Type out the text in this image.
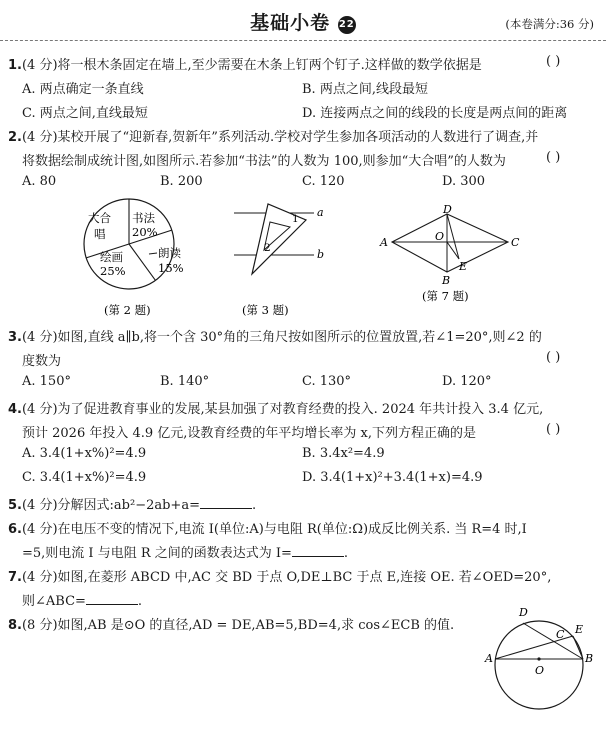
基础小卷 22	(本卷满分:36 分)
1.(4 分)将一根木条固定在墙上,至少需要在木条上钉两个钉子.这样做的数学依据是	( )
A. 两点确定一条直线	B. 两点之间,线段最短
C. 两点之间,直线最短	D. 连接两点之间的线段的长度是两点间的距离
2.(4 分)某校开展了“迎新春,贺新年”系列活动.学校对学生参加各项活动的人数进行了调查,并
将数据绘制成统计图,如图所示.若参加“书法”的人数为 100,则参加“大合唱”的人数为	( )
A. 80	B. 200	C. 120	D. 300
大合
唱
书法
20%
绘画
25%
朗读
15%
(第 2 题)
1
2
a
b
(第 3 题)
A
B
C
D
O
E
(第 7 题)
3.(4 分)如图,直线 a∥b,将一个含 30°角的三角尺按如图所示的位置放置,若∠1=20°,则∠2 的
度数为	( )
A. 150°	B. 140°	C. 130°	D. 120°
4.(4 分)为了促进教育事业的发展,某县加强了对教育经费的投入. 2024 年共计投入 3.4 亿元,
预计 2026 年投入 4.9 亿元,设教育经费的年平均增长率为 x,下列方程正确的是	( )
A. 3.4(1+x%)²=4.9	B. 3.4x²=4.9
C. 3.4(1+x%)²=4.9	D. 3.4(1+x)²+3.4(1+x)=4.9
5.(4 分)分解因式:ab²−2ab+a=	.
6.(4 分)在电压不变的情况下,电流 I(单位:A)与电阻 R(单位:Ω)成反比例关系. 当 R=4 时,I
=5,则电流 I 与电阻 R 之间的函数表达式为 I=	.
7.(4 分)如图,在菱形 ABCD 中,AC 交 BD 于点 O,DE⊥BC 于点 E,连接 OE. 若∠OED=20°,
则∠ABC=	.
8.(8 分)如图,AB 是⊙O 的直径,AD = DE,AB=5,BD=4,求 cos∠ECB 的值.
A	B
C
D
E
O
